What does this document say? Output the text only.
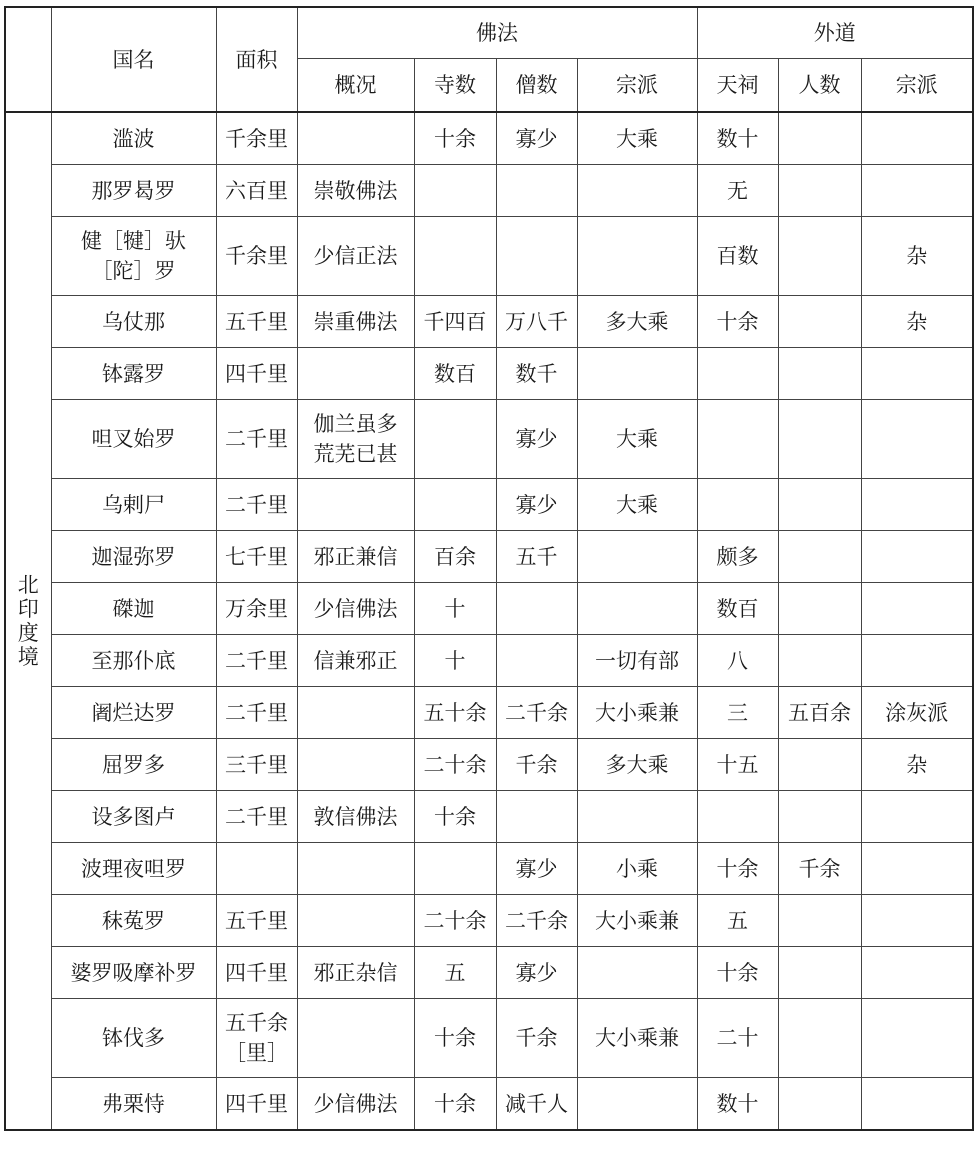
	国名	面积	佛法				外道		
			概况	寺数	僧数	宗派	天祠	人数	宗派
北印度境	滥波	千余里		十余	寡少	大乘	数十		
	那罗曷罗	六百里	崇敬佛法				无		
	健［犍］驮［陀］罗	千余里	少信正法				百数		杂
	乌仗那	五千里	崇重佛法	千四百	万八千	多大乘	十余		杂
	钵露罗	四千里		数百	数千				
	呾叉始罗	二千里	伽兰虽多荒芜已甚		寡少	大乘			
	乌剌尸	二千里			寡少	大乘			
	迦湿弥罗	七千里	邪正兼信	百余	五千		颇多		
	磔迦	万余里	少信佛法	十			数百		
	至那仆底	二千里	信兼邪正	十		一切有部	八		
	阇烂达罗	二千里		五十余	二千余	大小乘兼	三	五百余	涂灰派
	屈罗多	三千里		二十余	千余	多大乘	十五		杂
	设多图卢	二千里	敦信佛法	十余					
	波理夜呾罗				寡少	小乘	十余	千余	
	秣菟罗	五千里		二十余	二千余	大小乘兼	五		
	婆罗吸摩补罗	四千里	邪正杂信	五	寡少		十余		
	钵伐多	五千余［里］		十余	千余	大小乘兼	二十		
	弗栗恃	四千里	少信佛法	十余	减千人		数十		
